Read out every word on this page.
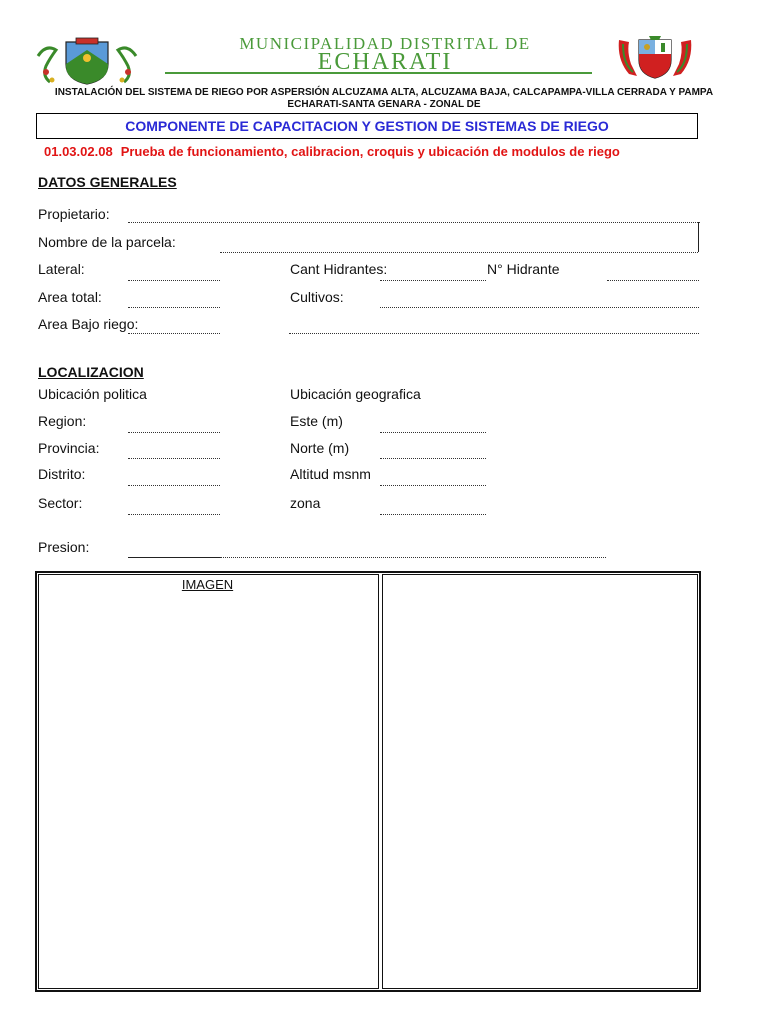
MUNICIPALIDAD DISTRITAL DE
ECHARATI
INSTALACIÓN DEL SISTEMA DE RIEGO POR ASPERSIÓN ALCUZAMA ALTA, ALCUZAMA BAJA, CALCAPAMPA-VILLA CERRADA Y PAMPA ECHARATI-SANTA GENARA - ZONAL DE
COMPONENTE DE CAPACITACION Y GESTION DE SISTEMAS DE RIEGO
01.03.02.08 Prueba de funcionamiento, calibracion, croquis y ubicación de modulos de riego
DATOS GENERALES
Propietario:
Nombre de la parcela:
Lateral:	Cant Hidrantes:	N° Hidrante
Area total:	Cultivos:
Area Bajo riego:
LOCALIZACION
Ubicación politica	Ubicación geografica
Region:	Este (m)
Provincia:	Norte (m)
Distrito:	Altitud msnm
Sector:	zona
Presion:
IMAGEN
